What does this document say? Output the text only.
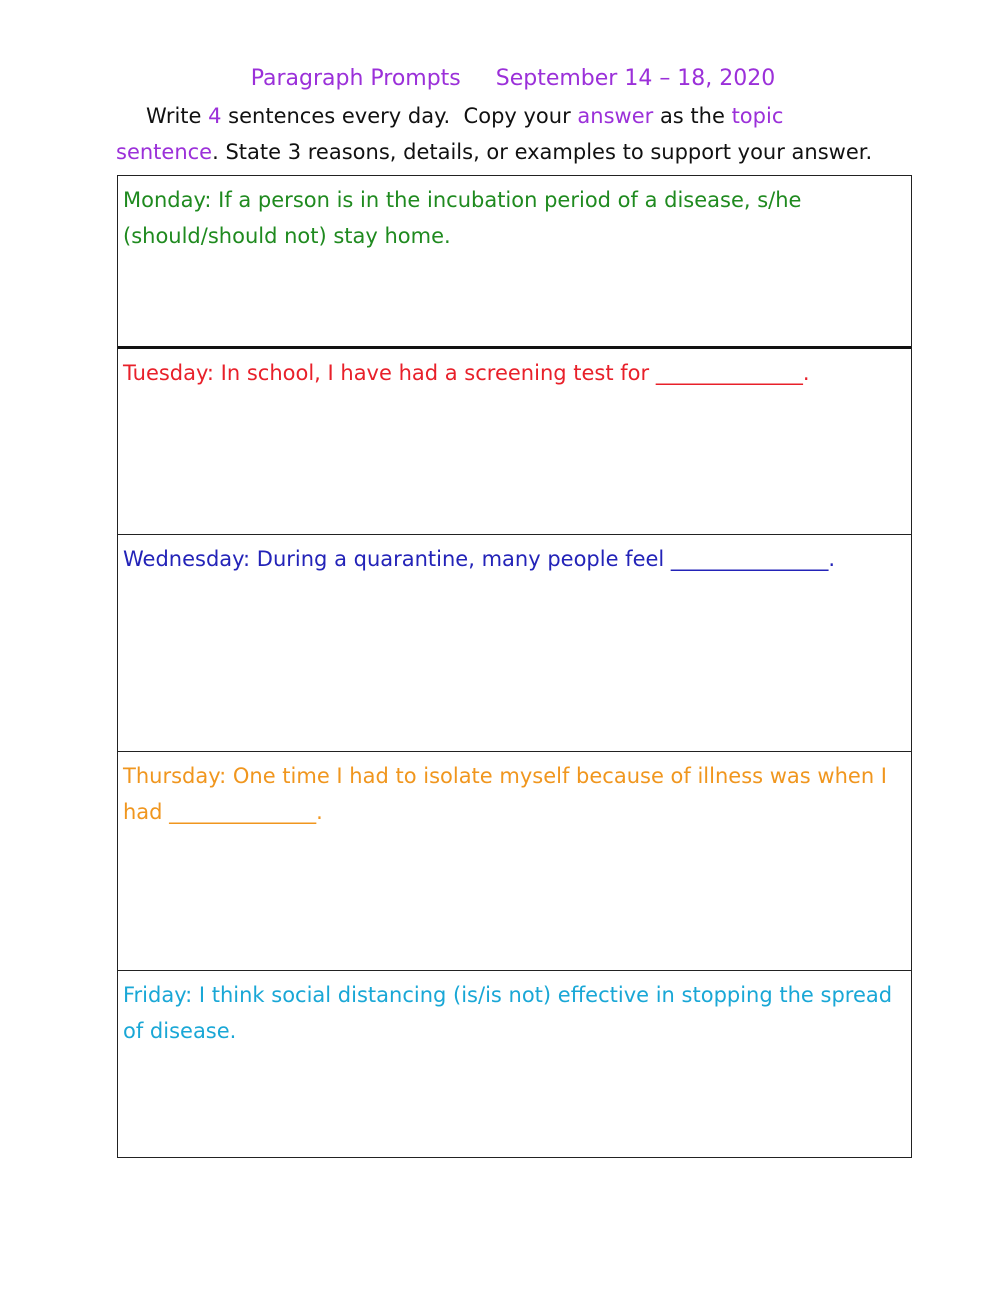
Paragraph Prompts     September 14 – 18, 2020
Write 4 sentences every day.  Copy your answer as the topic
sentence. State 3 reasons, details, or examples to support your answer.
Monday: If a person is in the incubation period of a disease, s/he (should/should not) stay home.
Tuesday: In school, I have had a screening test for ______________.
Wednesday: During a quarantine, many people feel _______________.
Thursday: One time I had to isolate myself because of illness was when I had ______________.
Friday: I think social distancing (is/is not) effective in stopping the spread of disease.
